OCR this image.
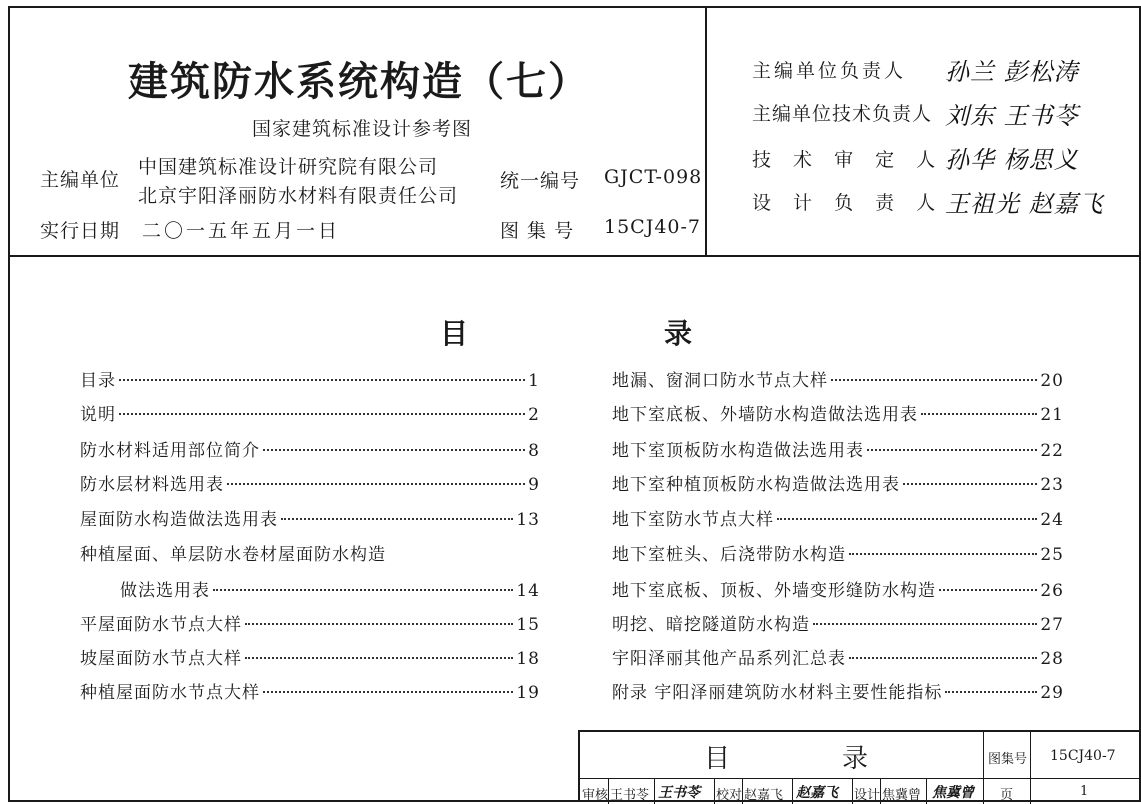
建筑防水系统构造（七）
国家建筑标准设计参考图
主编单位
中国建筑标准设计研究院有限公司
北京宇阳泽丽防水材料有限责任公司
统一编号 GJCT-098
实行日期 二〇一五年五月一日	图 集 号 15CJ40-7
主编单位负责人 孙兰 彭松涛
主编单位技术负责人 刘东 王书苓
技 术 审 定 人 孙华 杨思义
设 计 负 责 人 王祖光 赵嘉飞
目	录
目录	1
说明	2
防水材料适用部位简介	8
防水层材料选用表	9
屋面防水构造做法选用表	13
种植屋面、单层防水卷材屋面防水构造
做法选用表	14
平屋面防水节点大样	15
坡屋面防水节点大样	18
种植屋面防水节点大样	19
地漏、窗洞口防水节点大样	20
地下室底板、外墙防水构造做法选用表	21
地下室顶板防水构造做法选用表	22
地下室种植顶板防水构造做法选用表	23
地下室防水节点大样	24
地下室桩头、后浇带防水构造	25
地下室底板、顶板、外墙变形缝防水构造	26
明挖、暗挖隧道防水构造	27
宇阳泽丽其他产品系列汇总表	28
附录 宇阳泽丽建筑防水材料主要性能指标	29
目	录	图集号 15CJ40-7
审核 王书苓 王书苓 校对 赵嘉飞 赵嘉飞 设计 焦冀曾 焦冀曾 页	1
